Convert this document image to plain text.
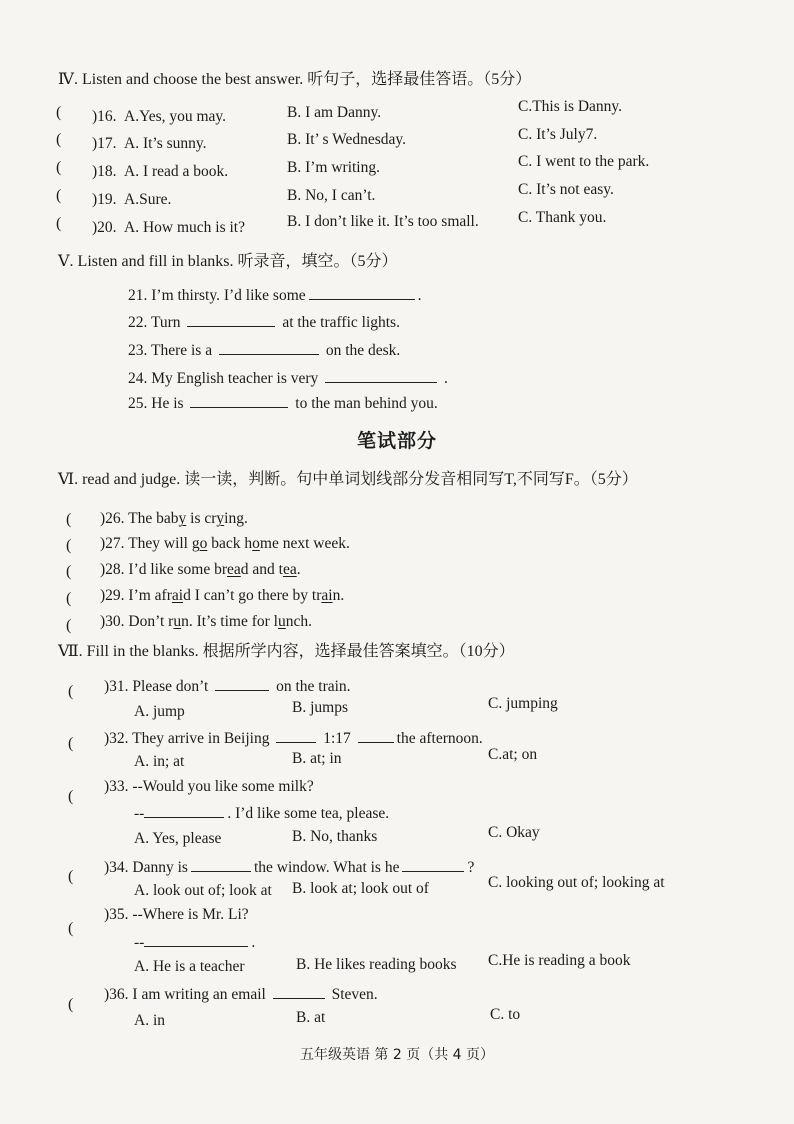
Ⅳ. Listen and choose the best answer. 听句子，选择最佳答语。（5分）
( )16. A.Yes, you may.	B. I am Danny.	C.This is Danny.
( )17. A. It’s sunny.	B. It’ s Wednesday.	C. It’s July7.
( )18. A. I read a book.	B. I’m writing.	C. I went to the park.
( )19. A.Sure.	B. No, I can’t.	C. It’s not easy.
( )20. A. How much is it?	B. I don’t like it. It’s too small.	C. Thank you.
Ⅴ. Listen and fill in blanks. 听录音，填空。（5分）
21. I’m thirsty. I’d like some	.
22. Turn	at the traffic lights.
23. There is a	on the desk.
24. My English teacher is very	.
25. He is	to the man behind you.
笔试部分
Ⅵ. read and judge. 读一读，判断。句中单词划线部分发音相同写T,不同写F。（5分）
( )26. The baby is crying.
( )27. They will go back home next week.
( )28. I’d like some bread and tea.
( )29. I’m afraid I can’t go there by train.
( )30. Don’t run. It’s time for lunch.
Ⅶ. Fill in the blanks. 根据所学内容，选择最佳答案填空。（10分）
( )31. Please don’t	on the train.
A. jump	B. jumps	C. jumping
( )32. They arrive in Beijing	1:17	the afternoon.
A. in; at	B. at; in	C.at; on
(
)33. --Would you like some milk?
--	. I’d like some tea, please.
A. Yes, please	B. No, thanks	C. Okay
(
)34. Danny is	the window. What is he	?
A. look out of; look at B. look at; look out of	C. looking out of; looking at
(
)35. --Where is Mr. Li?
--	.
A. He is a teacher	B. He likes reading books C.He is reading a book
(
)36. I am writing an email	Steven.
A. in	B. at	C. to
五年级英语 第 2 页（共 4 页）
